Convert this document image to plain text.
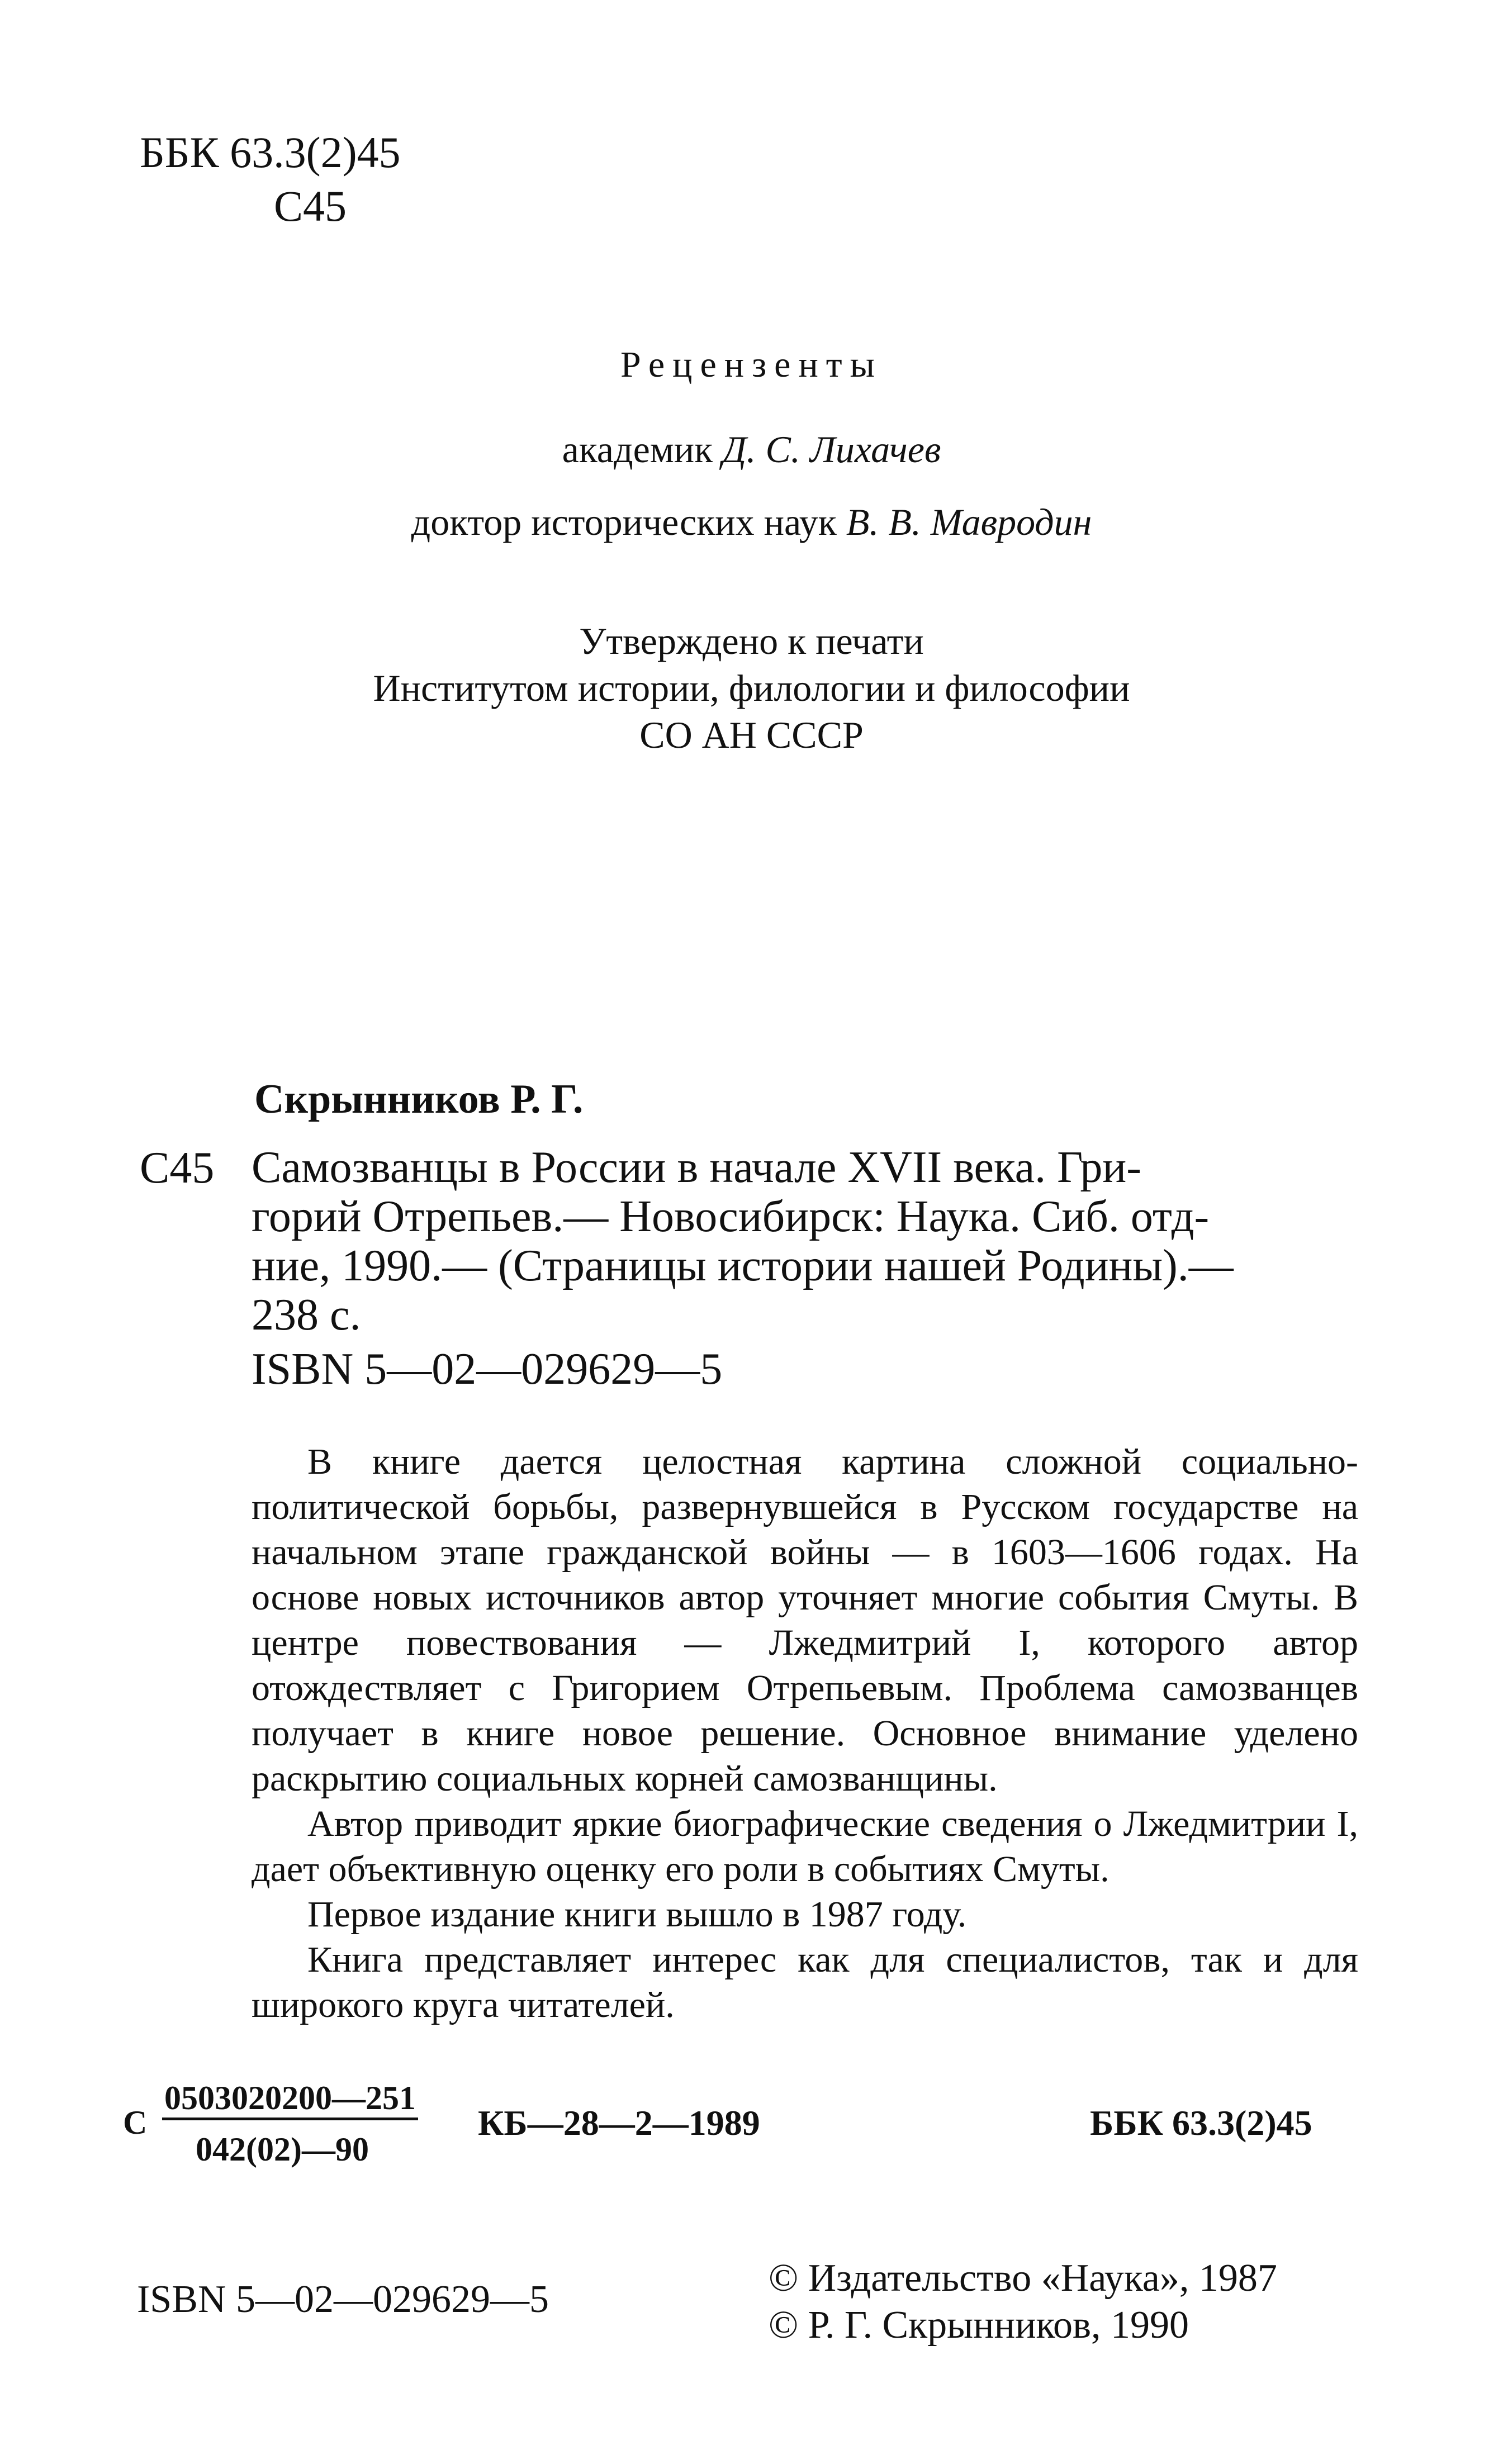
ББК 63.3(2)45
С45
Рецензенты
академик Д. С. Лихачев
доктор исторических наук В. В. Мавродин
Утверждено к печати
Институтом истории, филологии и философии
СО АН СССР
Скрынников Р. Г.
С45 Самозванцы в России в начале XVII века. Гри-
горий Отрепьев.— Новосибирск: Наука. Сиб. отд-
ние, 1990.— (Страницы истории нашей Родины).—
238 с.
ISBN 5—02—029629—5

В книге дается целостная картина сложной социально-политической борьбы, развернувшейся в Русском государстве на начальном этапе гражданской войны — в 1603—1606 годах. На основе новых источников автор уточняет многие события Смуты. В центре повествования — Лжедмитрий I, которого автор отождествляет с Григорием Отрепьевым. Проблема самозванцев получает в книге новое решение. Основное внимание уделено раскрытию социальных корней самозванщины.

Автор приводит яркие биографические сведения о Лжедмитрии I, дает объективную оценку его роли в событиях Смуты.

Первое издание книги вышло в 1987 году.

Книга представляет интерес как для специалистов, так и для широкого круга читателей.

С
0503020200—251
042(02)—90
КБ—28—2—1989	ББК 63.3(2)45
ISBN 5—02—029629—5	© Издательство «Наука», 1987
© Р. Г. Скрынников, 1990
